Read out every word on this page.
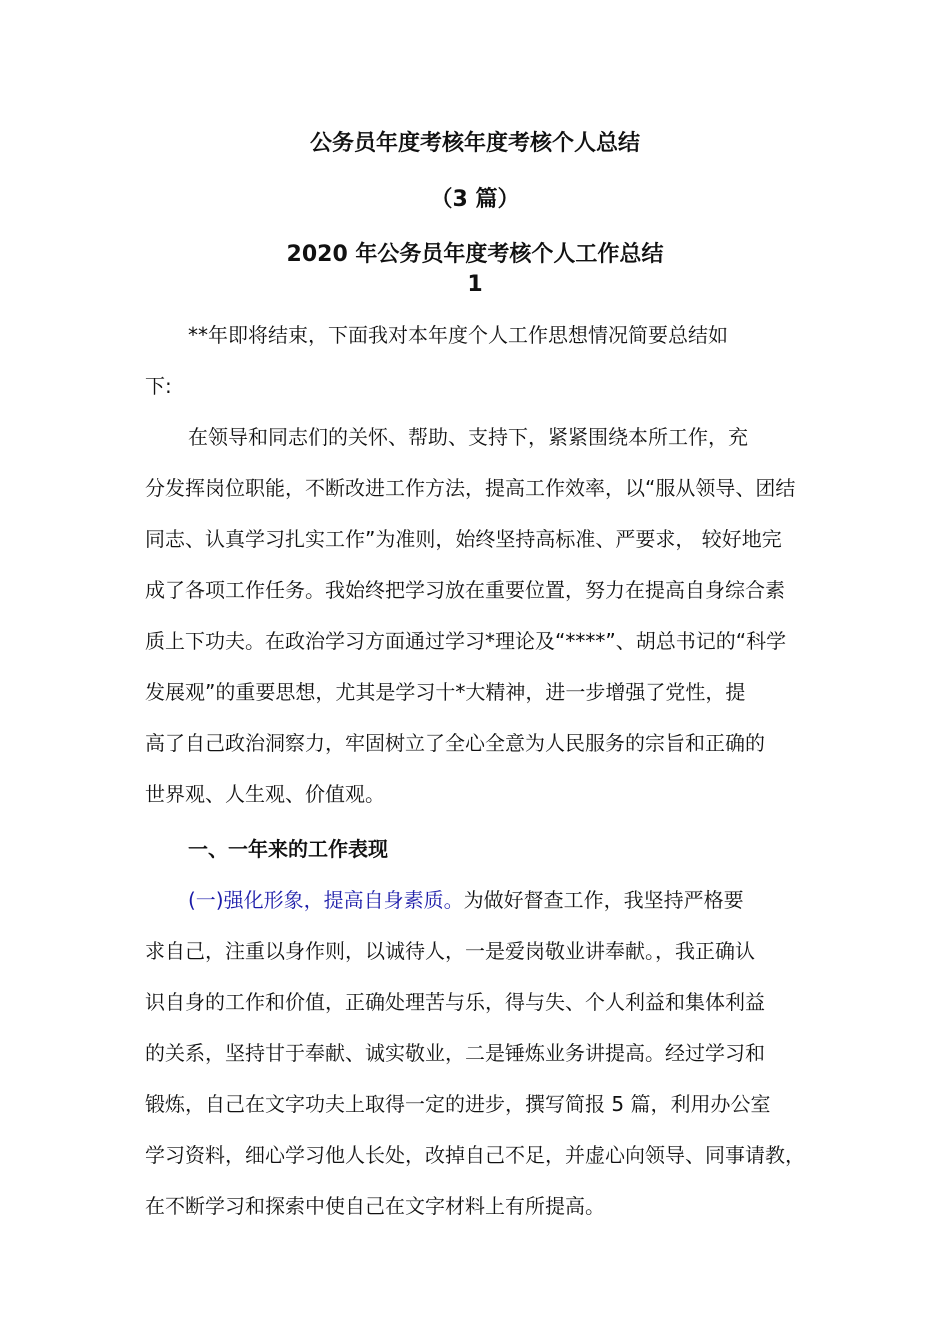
公务员年度考核年度考核个人总结
（3 篇）
2020 年公务员年度考核个人工作总结
1
**年即将结束，下面我对本年度个人工作思想情况简要总结如
下:
在领导和同志们的关怀、帮助、支持下，紧紧围绕本所工作，充
分发挥岗位职能，不断改进工作方法，提高工作效率，以“服从领导、团结
同志、认真学习扎实工作”为准则，始终坚持高标准、严要求， 较好地完
成了各项工作任务。我始终把学习放在重要位置，努力在提高自身综合素
质上下功夫。在政治学习方面通过学习*理论及“****”、胡总书记的“科学
发展观”的重要思想，尤其是学习十*大精神，进一步增强了党性，提
高了自己政治洞察力，牢固树立了全心全意为人民服务的宗旨和正确的
世界观、人生观、价值观。
一、一年来的工作表现
(一)强化形象，提高自身素质。为做好督查工作，我坚持严格要
求自己，注重以身作则，以诚待人，一是爱岗敬业讲奉献。，我正确认
识自身的工作和价值，正确处理苦与乐，得与失、个人利益和集体利益
的关系，坚持甘于奉献、诚实敬业，二是锤炼业务讲提高。经过学习和
锻炼，自己在文字功夫上取得一定的进步，撰写简报 5 篇，利用办公室
学习资料，细心学习他人长处，改掉自己不足，并虚心向领导、同事请教，
在不断学习和探索中使自己在文字材料上有所提高。
